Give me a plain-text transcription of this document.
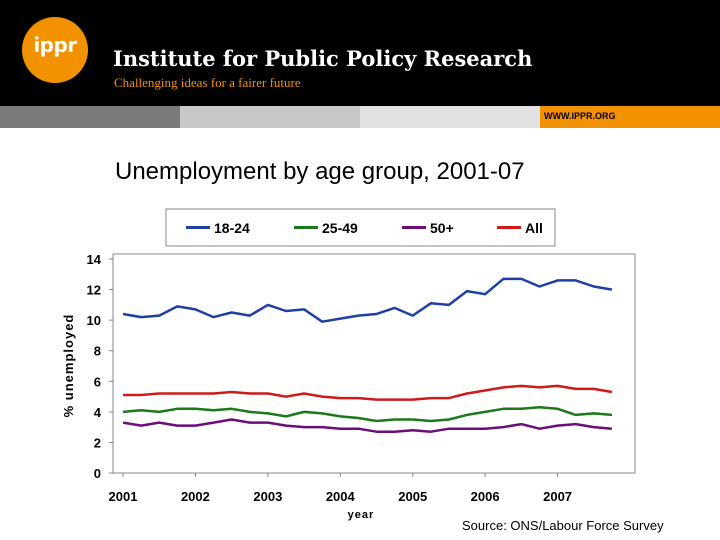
ippr
Institute for Public Policy Research
Challenging ideas for a fairer future
WWW.IPPR.ORG
Unemployment by age group, 2001-07
0
2
4
6
8
10
12
14
2001	2002	2003	2004	2005	2006	2007
year
% unemployed
18-24	25-49	50+	All
Source: ONS/Labour Force Survey
